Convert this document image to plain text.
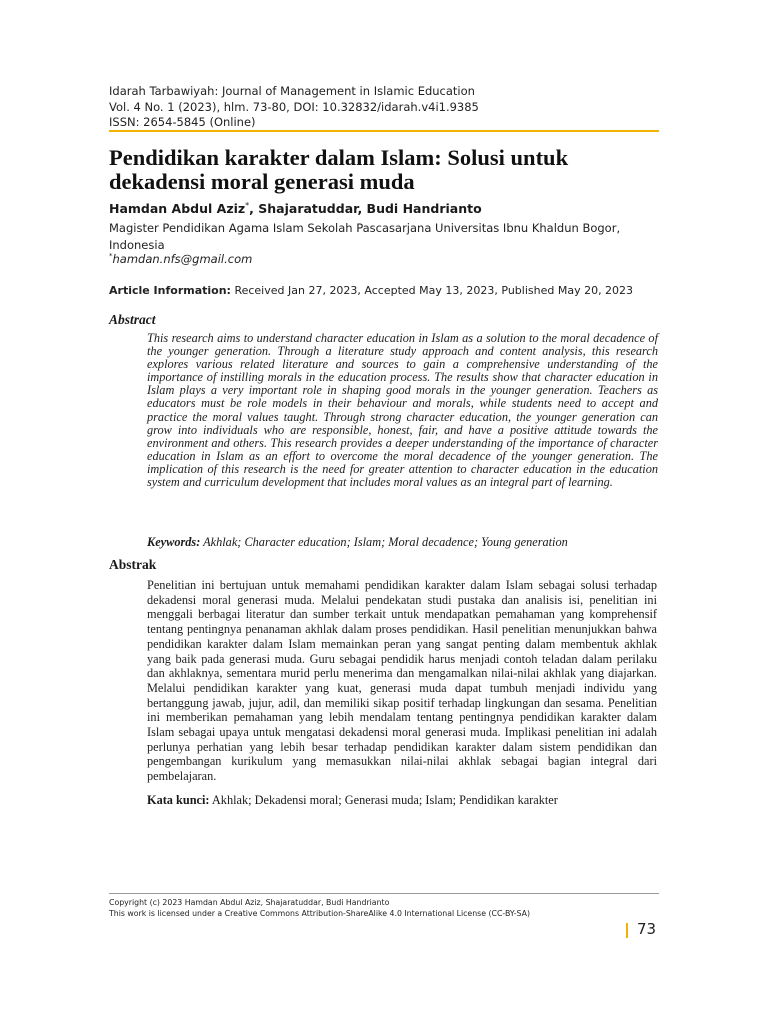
Idarah Tarbawiyah: Journal of Management in Islamic Education
Vol. 4 No. 1 (2023), hlm. 73-80, DOI: 10.32832/idarah.v4i1.9385
ISSN: 2654-5845 (Online)
Pendidikan karakter dalam Islam: Solusi untuk dekadensi moral generasi muda
Hamdan Abdul Aziz*, Shajaratuddar, Budi Handrianto
Magister Pendidikan Agama Islam Sekolah Pascasarjana Universitas Ibnu Khaldun Bogor, Indonesia
*hamdan.nfs@gmail.com
Article Information: Received Jan 27, 2023, Accepted May 13, 2023, Published May 20, 2023
Abstract

This research aims to understand character education in Islam as a solution to the moral decadence of the younger generation. Through a literature study approach and content analysis, this research explores various related literature and sources to gain a comprehensive understanding of the importance of instilling morals in the education process. The results show that character education in Islam plays a very important role in shaping good morals in the younger generation. Teachers as educators must be role models in their behaviour and morals, while students need to accept and practice the moral values taught. Through strong character education, the younger generation can grow into individuals who are responsible, honest, fair, and have a positive attitude towards the environment and others. This research provides a deeper understanding of the importance of character education in Islam as an effort to overcome the moral decadence of the younger generation. The implication of this research is the need for greater attention to character education in the education system and curriculum development that includes moral values as an integral part of learning.

Keywords: Akhlak; Character education; Islam; Moral decadence; Young generation
Abstrak

Penelitian ini bertujuan untuk memahami pendidikan karakter dalam Islam sebagai solusi terhadap dekadensi moral generasi muda. Melalui pendekatan studi pustaka dan analisis isi, penelitian ini menggali berbagai literatur dan sumber terkait untuk mendapatkan pemahaman yang komprehensif tentang pentingnya penanaman akhlak dalam proses pendidikan. Hasil penelitian menunjukkan bahwa pendidikan karakter dalam Islam memainkan peran yang sangat penting dalam membentuk akhlak yang baik pada generasi muda. Guru sebagai pendidik harus menjadi contoh teladan dalam perilaku dan akhlaknya, sementara murid perlu menerima dan mengamalkan nilai-nilai akhlak yang diajarkan. Melalui pendidikan karakter yang kuat, generasi muda dapat tumbuh menjadi individu yang bertanggung jawab, jujur, adil, dan memiliki sikap positif terhadap lingkungan dan sesama. Penelitian ini memberikan pemahaman yang lebih mendalam tentang pentingnya pendidikan karakter dalam Islam sebagai upaya untuk mengatasi dekadensi moral generasi muda. Implikasi penelitian ini adalah perlunya perhatian yang lebih besar terhadap pendidikan karakter dalam sistem pendidikan dan pengembangan kurikulum yang memasukkan nilai-nilai akhlak sebagai bagian integral dari pembelajaran.

Kata kunci: Akhlak; Dekadensi moral; Generasi muda; Islam; Pendidikan karakter
Copyright (c) 2023 Hamdan Abdul Aziz, Shajaratuddar, Budi Handrianto
This work is licensed under a Creative Commons Attribution-ShareAlike 4.0 International License (CC-BY-SA)
73
